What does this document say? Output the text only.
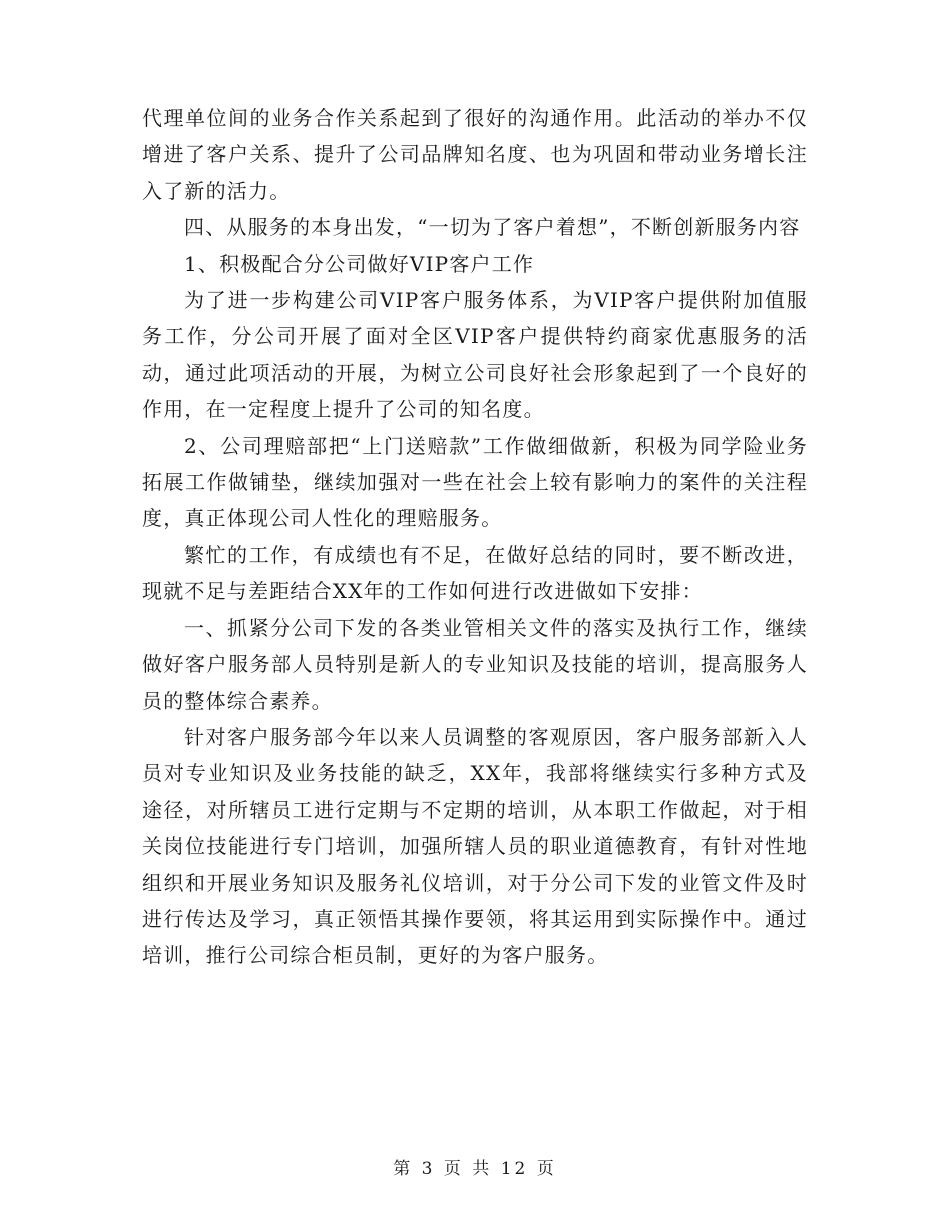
代理单位间的业务合作关系起到了很好的沟通作用。此活动的举办不仅增进了客户关系、提升了公司品牌知名度、也为巩固和带动业务增长注入了新的活力。

四、从服务的本身出发，“一切为了客户着想”，不断创新服务内容

1、积极配合分公司做好VIP客户工作

为了进一步构建公司VIP客户服务体系，为VIP客户提供附加值服务工作，分公司开展了面对全区VIP客户提供特约商家优惠服务的活动，通过此项活动的开展，为树立公司良好社会形象起到了一个良好的作用，在一定程度上提升了公司的知名度。

2、公司理赔部把“上门送赔款”工作做细做新，积极为同学险业务拓展工作做铺垫，继续加强对一些在社会上较有影响力的案件的关注程度，真正体现公司人性化的理赔服务。

繁忙的工作，有成绩也有不足，在做好总结的同时，要不断改进，现就不足与差距结合XX年的工作如何进行改进做如下安排：

一、抓紧分公司下发的各类业管相关文件的落实及执行工作，继续做好客户服务部人员特别是新人的专业知识及技能的培训，提高服务人员的整体综合素养。

针对客户服务部今年以来人员调整的客观原因，客户服务部新入人员对专业知识及业务技能的缺乏，XX年，我部将继续实行多种方式及途径，对所辖员工进行定期与不定期的培训，从本职工作做起，对于相关岗位技能进行专门培训，加强所辖人员的职业道德教育，有针对性地组织和开展业务知识及服务礼仪培训，对于分公司下发的业管文件及时进行传达及学习，真正领悟其操作要领，将其运用到实际操作中。通过培训，推行公司综合柜员制，更好的为客户服务。

第 3 页 共 12 页
